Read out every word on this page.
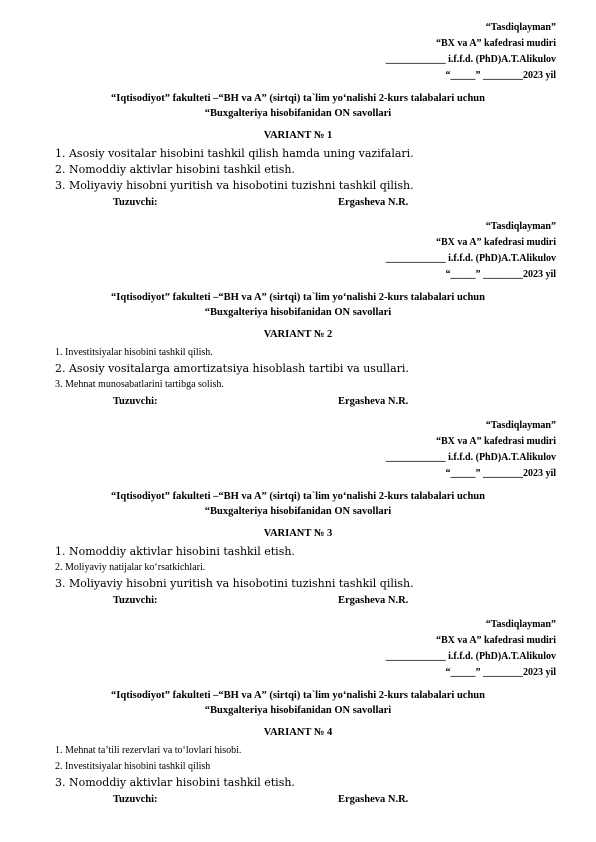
“Tasdiqlayman”
“BX va A” kafedrasi mudiri
____________ i.f.f.d. (PhD)A.T.Alikulov
“_____” ________2023 yil
“Iqtisodiyot” fakulteti –“BH va A” (sirtqi) ta`lim yo‘nalishi 2-kurs talabalari uchun
“Buxgalteriya hisobifanidan ON savollari
VARIANT № 1
1. Asosiy vositalar hisobini tashkil qilish hamda uning vazifalari.
2. Nomoddiy aktivlar hisobini tashkil etish.
3. Moliyaviy hisobni yuritish va hisobotini tuzishni tashkil qilish.
Tuzuvchi:	Ergasheva N.R.
“Tasdiqlayman”
“BX va A” kafedrasi mudiri
____________ i.f.f.d. (PhD)A.T.Alikulov
“_____” ________2023 yil
“Iqtisodiyot” fakulteti –“BH va A” (sirtqi) ta`lim yo‘nalishi 2-kurs talabalari uchun
“Buxgalteriya hisobifanidan ON savollari
VARIANT № 2
1. Investitsiyalar hisobini tashkil qilish.
2. Asosiy vositalarga amortizatsiya hisoblash tartibi va usullari.
3. Mehnat munosabatlarini tartibga solish.
Tuzuvchi:	Ergasheva N.R.
“Tasdiqlayman”
“BX va A” kafedrasi mudiri
____________ i.f.f.d. (PhD)A.T.Alikulov
“_____” ________2023 yil
“Iqtisodiyot” fakulteti –“BH va A” (sirtqi) ta`lim yo‘nalishi 2-kurs talabalari uchun
“Buxgalteriya hisobifanidan ON savollari
VARIANT № 3
1. Nomoddiy aktivlar hisobini tashkil etish.
2. Moliyaviy natijalar ko‘rsatkichlari.
3. Moliyaviy hisobni yuritish va hisobotini tuzishni tashkil qilish.
Tuzuvchi:	Ergasheva N.R.
“Tasdiqlayman”
“BX va A” kafedrasi mudiri
____________ i.f.f.d. (PhD)A.T.Alikulov
“_____” ________2023 yil
“Iqtisodiyot” fakulteti –“BH va A” (sirtqi) ta`lim yo‘nalishi 2-kurs talabalari uchun
“Buxgalteriya hisobifanidan ON savollari
VARIANT № 4
1. Mehnat ta’tili rezervlari va to‘lovlari hisobi.
2. Investitsiyalar hisobini tashkil qilish
3. Nomoddiy aktivlar hisobini tashkil etish.
Tuzuvchi:	Ergasheva N.R.
